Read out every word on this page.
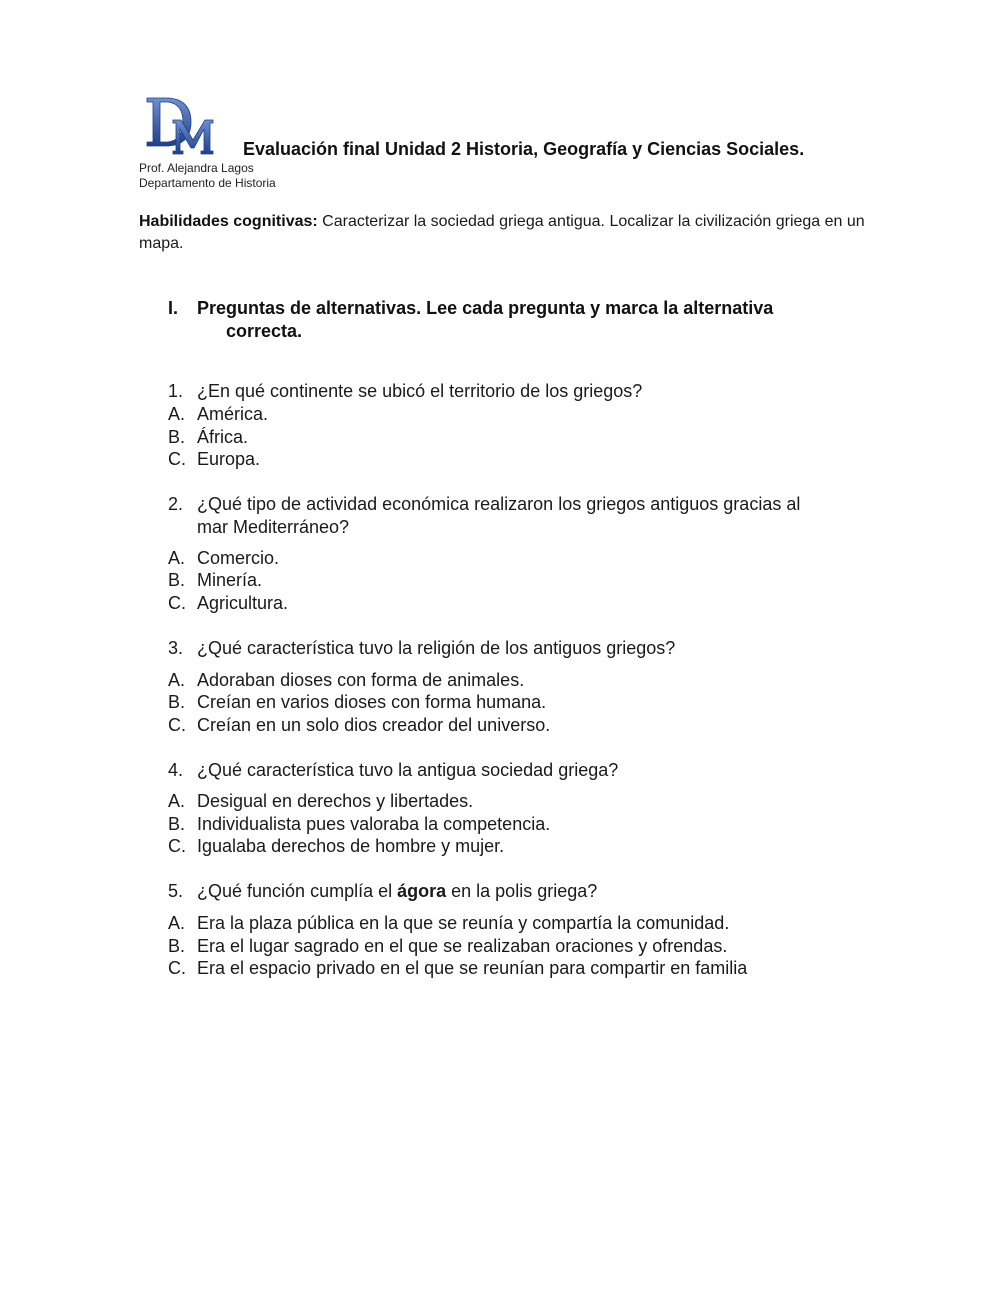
Evaluación final Unidad 2 Historia, Geografía y Ciencias Sociales.
Prof. Alejandra Lagos
Departamento de Historia
Habilidades cognitivas: Caracterizar la sociedad griega antigua. Localizar la civilización griega en un mapa.
I. Preguntas de alternativas. Lee cada pregunta y marca la alternativa
correcta.
1. ¿En qué continente se ubicó el territorio de los griegos?
A. América.
B. África.
C. Europa.
2. ¿Qué tipo de actividad económica realizaron los griegos antiguos gracias al
mar Mediterráneo?
A. Comercio.
B. Minería.
C. Agricultura.
3. ¿Qué característica tuvo la religión de los antiguos griegos?
A. Adoraban dioses con forma de animales.
B. Creían en varios dioses con forma humana.
C. Creían en un solo dios creador del universo.
4. ¿Qué característica tuvo la antigua sociedad griega?
A. Desigual en derechos y libertades.
B. Individualista pues valoraba la competencia.
C. Igualaba derechos de hombre y mujer.
5. ¿Qué función cumplía el ágora en la polis griega?
A. Era la plaza pública en la que se reunía y compartía la comunidad.
B. Era el lugar sagrado en el que se realizaban oraciones y ofrendas.
C. Era el espacio privado en el que se reunían para compartir en familia
